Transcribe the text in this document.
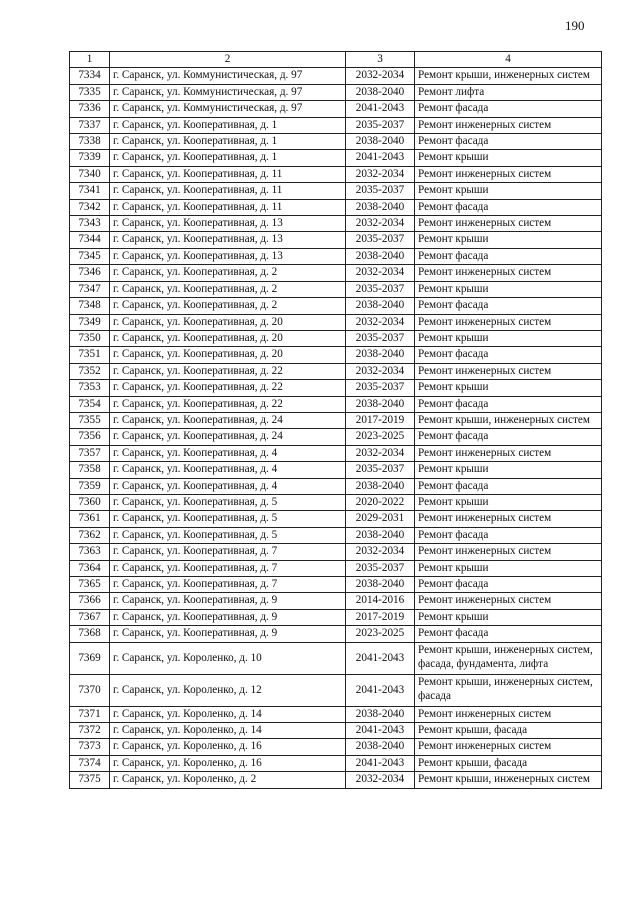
190
1	2	3	4
7334	г. Саранск, ул. Коммунистическая, д. 97	2032-2034	Ремонт крыши, инженерных систем
7335	г. Саранск, ул. Коммунистическая, д. 97	2038-2040	Ремонт лифта
7336	г. Саранск, ул. Коммунистическая, д. 97	2041-2043	Ремонт фасада
7337	г. Саранск, ул. Кооперативная, д. 1	2035-2037	Ремонт инженерных систем
7338	г. Саранск, ул. Кооперативная, д. 1	2038-2040	Ремонт фасада
7339	г. Саранск, ул. Кооперативная, д. 1	2041-2043	Ремонт крыши
7340	г. Саранск, ул. Кооперативная, д. 11	2032-2034	Ремонт инженерных систем
7341	г. Саранск, ул. Кооперативная, д. 11	2035-2037	Ремонт крыши
7342	г. Саранск, ул. Кооперативная, д. 11	2038-2040	Ремонт фасада
7343	г. Саранск, ул. Кооперативная, д. 13	2032-2034	Ремонт инженерных систем
7344	г. Саранск, ул. Кооперативная, д. 13	2035-2037	Ремонт крыши
7345	г. Саранск, ул. Кооперативная, д. 13	2038-2040	Ремонт фасада
7346	г. Саранск, ул. Кооперативная, д. 2	2032-2034	Ремонт инженерных систем
7347	г. Саранск, ул. Кооперативная, д. 2	2035-2037	Ремонт крыши
7348	г. Саранск, ул. Кооперативная, д. 2	2038-2040	Ремонт фасада
7349	г. Саранск, ул. Кооперативная, д. 20	2032-2034	Ремонт инженерных систем
7350	г. Саранск, ул. Кооперативная, д. 20	2035-2037	Ремонт крыши
7351	г. Саранск, ул. Кооперативная, д. 20	2038-2040	Ремонт фасада
7352	г. Саранск, ул. Кооперативная, д. 22	2032-2034	Ремонт инженерных систем
7353	г. Саранск, ул. Кооперативная, д. 22	2035-2037	Ремонт крыши
7354	г. Саранск, ул. Кооперативная, д. 22	2038-2040	Ремонт фасада
7355	г. Саранск, ул. Кооперативная, д. 24	2017-2019	Ремонт крыши, инженерных систем
7356	г. Саранск, ул. Кооперативная, д. 24	2023-2025	Ремонт фасада
7357	г. Саранск, ул. Кооперативная, д. 4	2032-2034	Ремонт инженерных систем
7358	г. Саранск, ул. Кооперативная, д. 4	2035-2037	Ремонт крыши
7359	г. Саранск, ул. Кооперативная, д. 4	2038-2040	Ремонт фасада
7360	г. Саранск, ул. Кооперативная, д. 5	2020-2022	Ремонт крыши
7361	г. Саранск, ул. Кооперативная, д. 5	2029-2031	Ремонт инженерных систем
7362	г. Саранск, ул. Кооперативная, д. 5	2038-2040	Ремонт фасада
7363	г. Саранск, ул. Кооперативная, д. 7	2032-2034	Ремонт инженерных систем
7364	г. Саранск, ул. Кооперативная, д. 7	2035-2037	Ремонт крыши
7365	г. Саранск, ул. Кооперативная, д. 7	2038-2040	Ремонт фасада
7366	г. Саранск, ул. Кооперативная, д. 9	2014-2016	Ремонт инженерных систем
7367	г. Саранск, ул. Кооперативная, д. 9	2017-2019	Ремонт крыши
7368	г. Саранск, ул. Кооперативная, д. 9	2023-2025	Ремонт фасада
7369	г. Саранск, ул. Короленко, д. 10	2041-2043	Ремонт крыши, инженерных систем, фасада, фундамента, лифта
7370	г. Саранск, ул. Короленко, д. 12	2041-2043	Ремонт крыши, инженерных систем, фасада
7371	г. Саранск, ул. Короленко, д. 14	2038-2040	Ремонт инженерных систем
7372	г. Саранск, ул. Короленко, д. 14	2041-2043	Ремонт крыши, фасада
7373	г. Саранск, ул. Короленко, д. 16	2038-2040	Ремонт инженерных систем
7374	г. Саранск, ул. Короленко, д. 16	2041-2043	Ремонт крыши, фасада
7375	г. Саранск, ул. Короленко, д. 2	2032-2034	Ремонт крыши, инженерных систем
